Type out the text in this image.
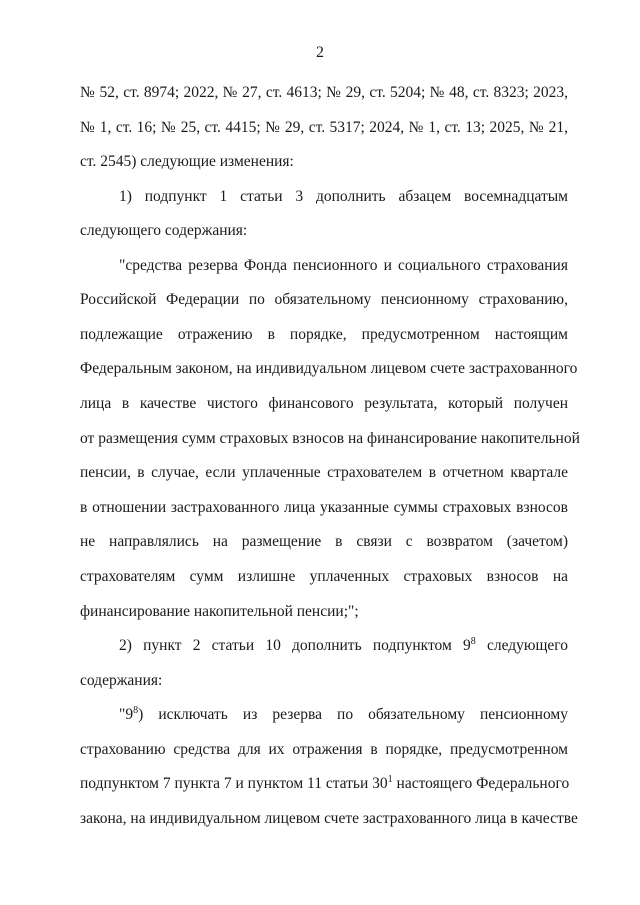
2
№ 52, ст. 8974; 2022, № 27, ст. 4613; № 29, ст. 5204; № 48, ст. 8323; 2023,
№ 1, ст. 16; № 25, ст. 4415; № 29, ст. 5317; 2024, № 1, ст. 13; 2025, № 21,
ст. 2545) следующие изменения:
1) подпункт 1 статьи 3 дополнить абзацем восемнадцатым
следующего содержания:
"средства резерва Фонда пенсионного и социального страхования
Российской Федерации по обязательному пенсионному страхованию,
подлежащие отражению в порядке, предусмотренном настоящим
Федеральным законом, на индивидуальном лицевом счете застрахованного
лица в качестве чистого финансового результата, который получен
от размещения сумм страховых взносов на финансирование накопительной
пенсии, в случае, если уплаченные страхователем в отчетном квартале
в отношении застрахованного лица указанные суммы страховых взносов
не направлялись на размещение в связи с возвратом (зачетом)
страхователям сумм излишне уплаченных страховых взносов на
финансирование накопительной пенсии;";
2) пункт 2 статьи 10 дополнить подпунктом $9^8$ следующего
содержания:
"$9^8$) исключать из резерва по обязательному пенсионному
страхованию средства для их отражения в порядке, предусмотренном
подпунктом 7 пункта 7 и пунктом 11 статьи $30^1$ настоящего Федерального
закона, на индивидуальном лицевом счете застрахованного лица в качестве
